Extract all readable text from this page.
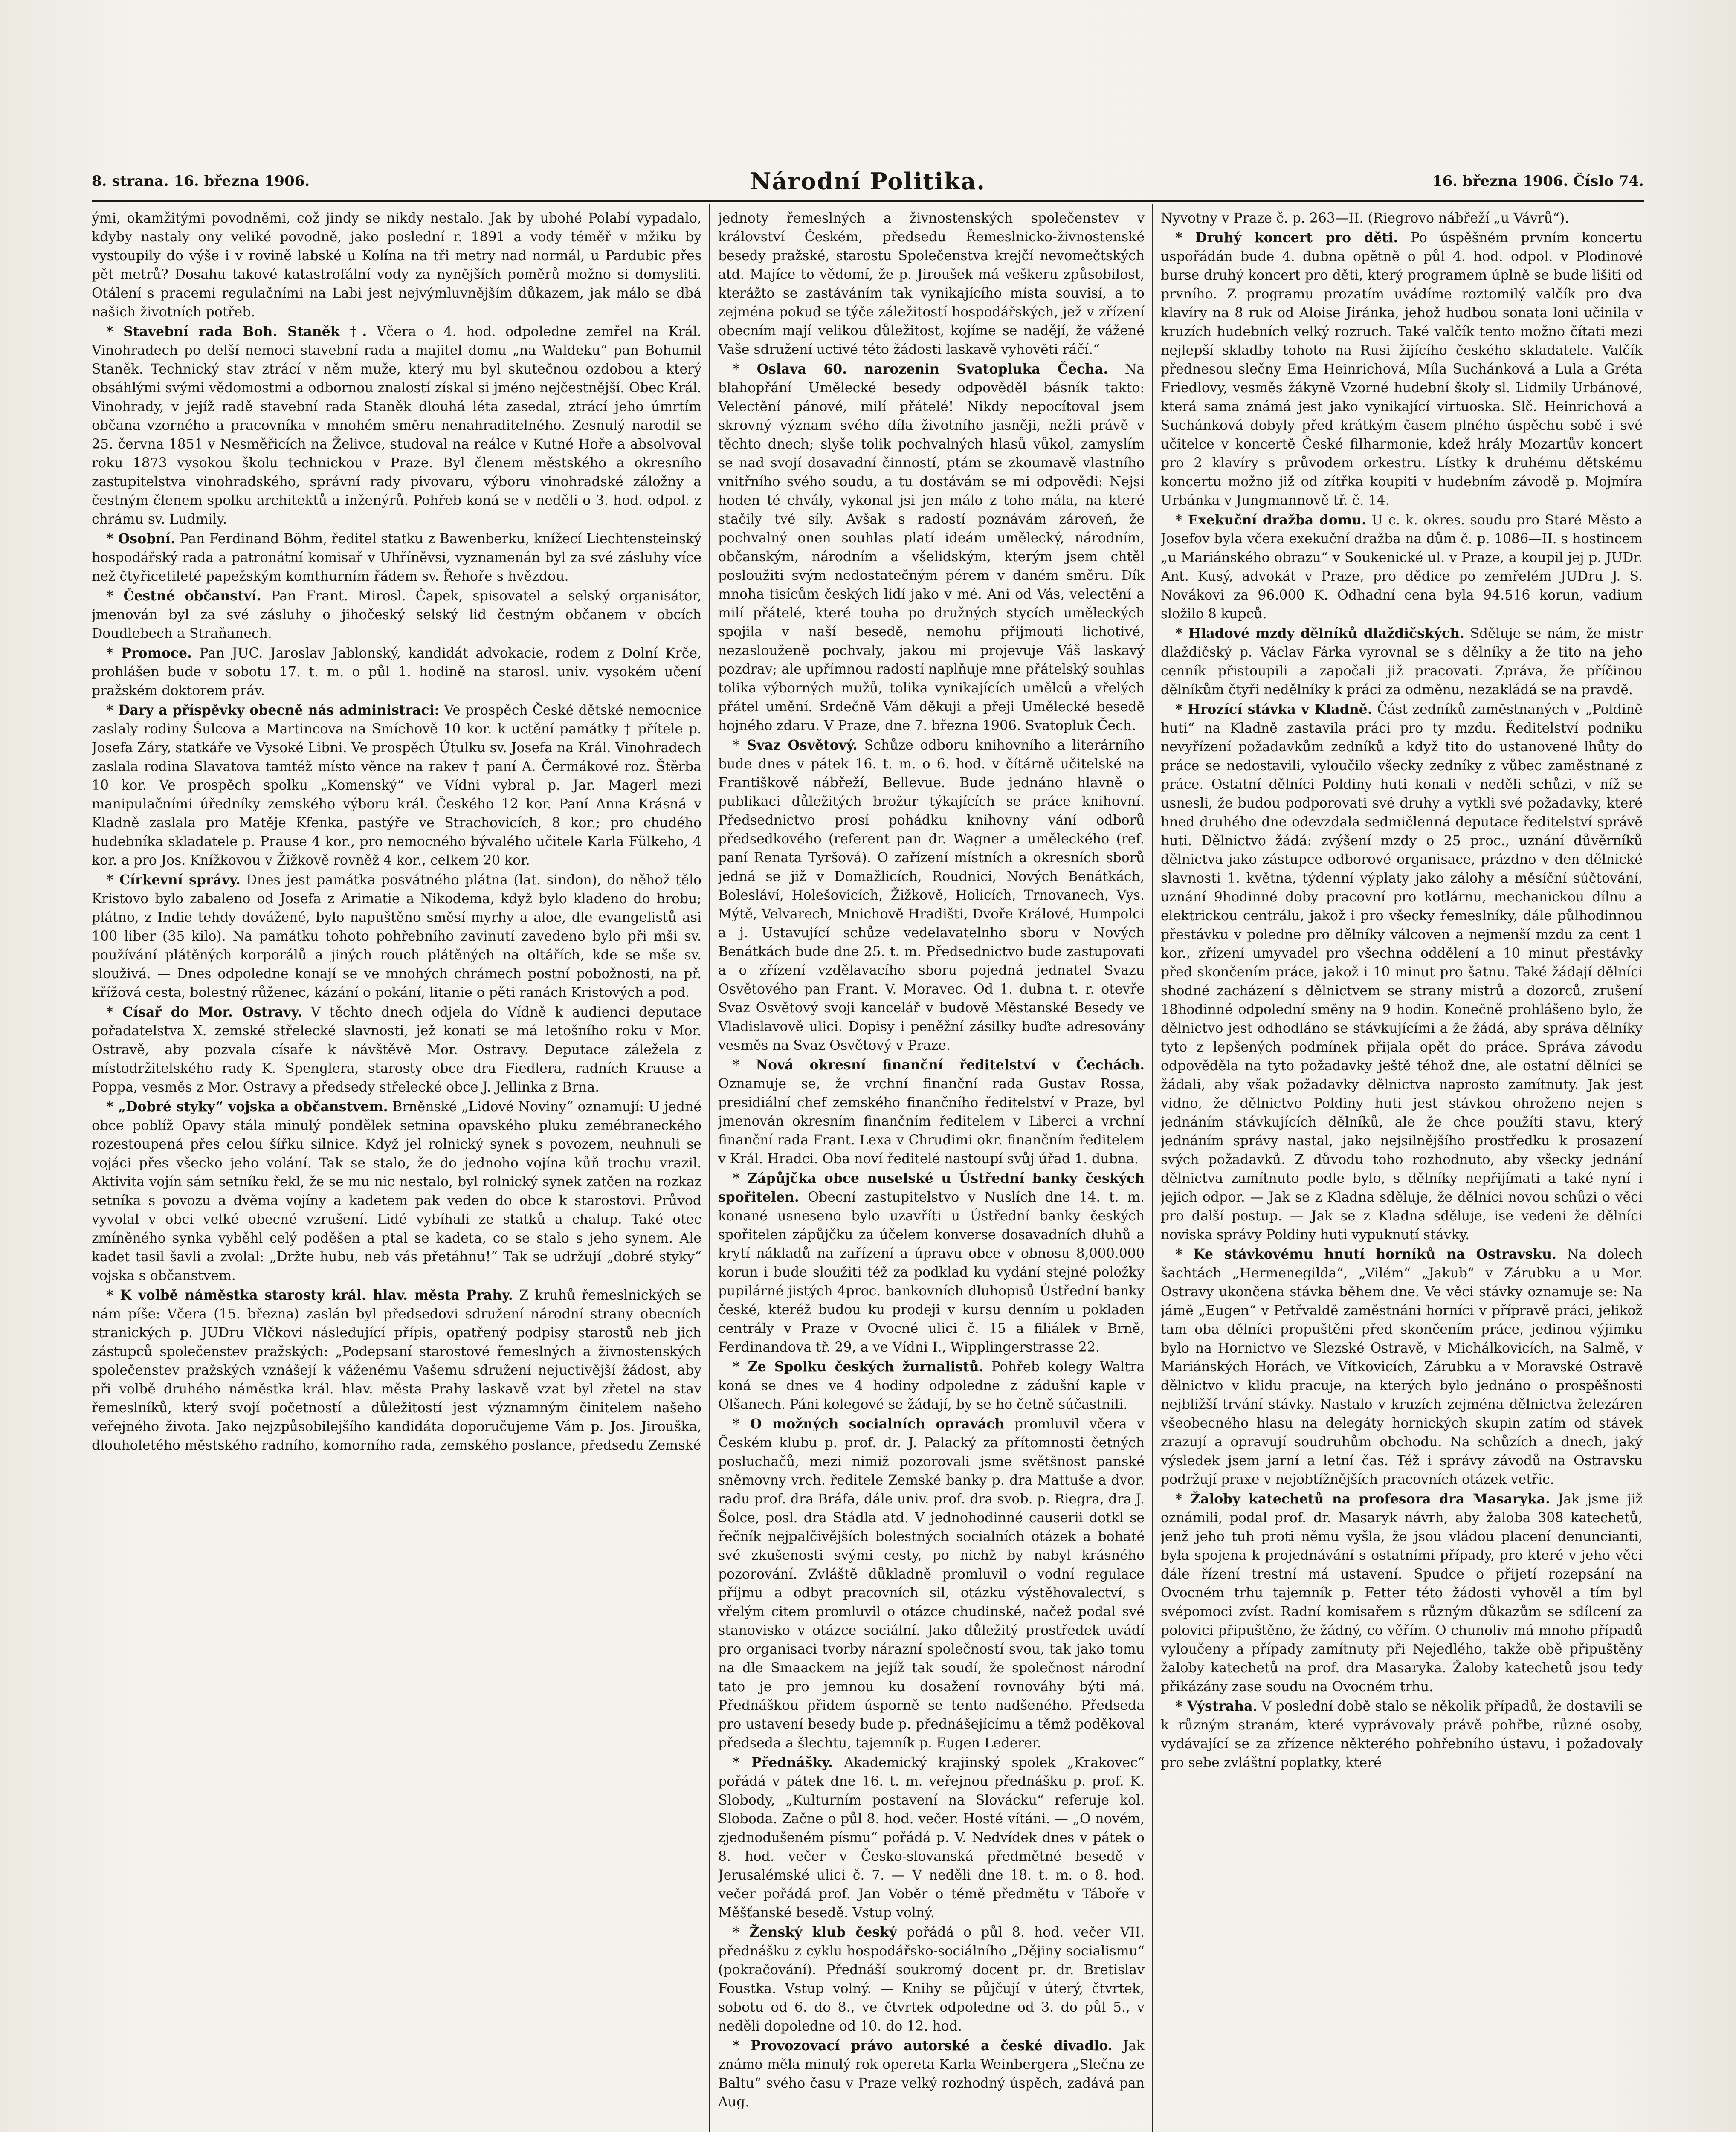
8. strana. 16. března 1906.	Národní Politika.	16. března 1906. Číslo 74.

ými, okamžitými povodněmi, což jindy se nikdy nestalo. Jak by ubohé Polabí vypadalo, kdyby nastaly ony veliké povodně, jako poslední r. 1891 a vody téměř v mžiku by vystoupily do výše i v rovině labské u Kolína na tři metry nad normál, u Pardubic přes pět metrů? Dosahu takové katastrofální vody za nynějších poměrů možno si domysliti. Otálení s pracemi regulačními na Labi jest nejvýmluvnějším důkazem, jak málo se dbá našich životních potřeb.

* Stavební rada Boh. Staněk †. Včera o 4. hod. odpoledne zemřel na Král. Vinohradech po delší nemoci stavební rada a majitel domu „na Waldeku“ pan Bohumil Staněk. Technický stav ztrácí v něm muže, který mu byl skutečnou ozdobou a který obsáhlými svými vědomostmi a odbornou znalostí získal si jméno nejčestnější. Obec Král. Vinohrady, v jejíž radě stavební rada Staněk dlouhá léta zasedal, ztrácí jeho úmrtím občana vzorného a pracovníka v mnohém směru nenahraditelného. Zesnulý narodil se 25. června 1851 v Nesměřicích na Želivce, studoval na reálce v Kutné Hoře a absolvoval roku 1873 vysokou školu technickou v Praze. Byl členem městského a okresního zastupitelstva vinohradského, správní rady pivovaru, výboru vinohradské záložny a čestným členem spolku architektů a inženýrů. Pohřeb koná se v neděli o 3. hod. odpol. z chrámu sv. Ludmily.

* Osobní. Pan Ferdinand Böhm, ředitel statku z Bawenberku, knížecí Liechtensteinský hospodářský rada a patronátní komisař v Uhříněvsi, vyznamenán byl za své zásluhy více než čtyřicetileté papežským komthurním řádem sv. Řehoře s hvězdou.

* Čestné občanství. Pan Frant. Mirosl. Čapek, spisovatel a selský organisátor, jmenován byl za své zásluhy o jihočeský selský lid čestným občanem v obcích Doudlebech a Straňanech.

* Promoce. Pan JUC. Jaroslav Jablonský, kandidát advokacie, rodem z Dolní Krče, prohlášen bude v sobotu 17. t. m. o půl 1. hodině na starosl. univ. vysokém učení pražském doktorem práv.

* Dary a příspěvky obecně nás administraci: Ve prospěch České dětské nemocnice zaslaly rodiny Šulcova a Martincova na Smíchově 10 kor. k uctění památky † přítele p. Josefa Záry, statkáře ve Vysoké Libni. Ve prospěch Útulku sv. Josefa na Král. Vinohradech zaslala rodina Slavatova tamtéž místo věnce na rakev † paní A. Čermákové roz. Štěrba 10 kor. Ve prospěch spolku „Komenský“ ve Vídni vybral p. Jar. Magerl mezi manipulačními úředníky zemského výboru král. Českého 12 kor. Paní Anna Krásná v Kladně zaslala pro Matěje Kfenka, pastýře ve Strachovicích, 8 kor.; pro chudého hudebníka skladatele p. Prause 4 kor., pro nemocného bývalého učitele Karla Fülkeho, 4 kor. a pro Jos. Knížkovou v Žižkově rovněž 4 kor., celkem 20 kor.

* Církevní správy. Dnes jest památka posvátného plátna (lat. sindon), do něhož tělo Kristovo bylo zabaleno od Josefa z Arimatie a Nikodema, když bylo kladeno do hrobu; plátno, z Indie tehdy dovážené, bylo napuštěno směsí myrhy a aloe, dle evangelistů asi 100 liber (35 kilo). Na památku tohoto pohřebního zavinutí zavedeno bylo při mši sv. používání plátěných korporálů a jiných rouch plátěných na oltářích, kde se mše sv. slouživá. — Dnes odpoledne konají se ve mnohých chrámech postní pobožnosti, na př. křížová cesta, bolestný růženec, kázání o pokání, litanie o pěti ranách Kristových a pod.

* Císař do Mor. Ostravy. V těchto dnech odjela do Vídně k audienci deputace pořadatelstva X. zemské střelecké slavnosti, jež konati se má letošního roku v Mor. Ostravě, aby pozvala císaře k návštěvě Mor. Ostravy. Deputace záležela z místodržitelského rady K. Spenglera, starosty obce dra Fiedlera, radních Krause a Poppa, vesměs z Mor. Ostravy a předsedy střelecké obce J. Jellinka z Brna.

* „Dobré styky“ vojska a občanstvem. Brněnské „Lidové Noviny“ oznamují: U jedné obce poblíž Opavy stála minulý pondělek setnina opavského pluku zemébraneckého rozestoupená přes celou šířku silnice. Když jel rolnický synek s povozem, neuhnuli se vojáci přes všecko jeho volání. Tak se stalo, že do jednoho vojína kůň trochu vrazil. Aktivita vojín sám setníku řekl, že se mu nic nestalo, byl rolnický synek zatčen na rozkaz setníka s povozu a dvěma vojíny a kadetem pak veden do obce k starostovi. Průvod vyvolal v obci velké obecné vzrušení. Lidé vybíhali ze statků a chalup. Také otec zmíněného synka vyběhl celý poděšen a ptal se kadeta, co se stalo s jeho synem. Ale kadet tasil šavli a zvolal: „Držte hubu, neb vás přetáhnu!“ Tak se udržují „dobré styky“ vojska s občanstvem.

* K volbě náměstka starosty král. hlav. města Prahy. Z kruhů řemeslnických se nám píše: Včera (15. března) zaslán byl předsedovi sdružení národní strany obecních stranických p. JUDru Vlčkovi následující přípis, opatřený podpisy starostů neb jich zástupců společenstev pražských: „Podepsaní starostové řemeslných a živnostenských společenstev pražských vznášejí k váženému Vašemu sdružení nejuctivější žádost, aby při volbě druhého náměstka král. hlav. města Prahy laskavě vzat byl zřetel na stav řemeslníků, který svojí početností a důležitostí jest významným činitelem našeho veřejného života. Jako nejzpůsobilejšího kandidáta doporučujeme Vám p. Jos. Jirouška, dlouholetého městského radního, komorního rada, zemského poslance, předsedu Zemské

jednoty řemeslných a živnostenských společenstev v království Českém, předsedu Řemeslnicko-živnostenské besedy pražské, starostu Společenstva krejčí nevomečtských atd. Majíce to vědomí, že p. Jiroušek má veškeru způsobilost, kterážto se zastáváním tak vynikajícího místa souvisí, a to zejména pokud se týče záležitostí hospodářských, jež v zřízení obecním mají velikou důležitost, kojíme se nadějí, že vážené Vaše sdružení uctivé této žádosti laskavě vyhověti ráčí.“

* Oslava 60. narozenin Svatopluka Čecha. Na blahopřání Umělecké besedy odpověděl básník takto: Velectění pánové, milí přátelé! Nikdy nepocítoval jsem skrovný význam svého díla životního jasněji, nežli právě v těchto dnech; slyše tolik pochvalných hlasů vůkol, zamyslím se nad svojí dosavadní činností, ptám se zkoumavě vlastního vnitřního svého soudu, a tu dostávám se mi odpovědi: Nejsi hoden té chvály, vykonal jsi jen málo z toho mála, na které stačily tvé síly. Avšak s radostí poznávám zároveň, že pochvalný onen souhlas platí ideám umělecký, národním, občanským, národním a všelidským, kterým jsem chtěl posloužiti svým nedostatečným pérem v daném směru. Dík mnoha tisícům českých lidí jako v mé. Ani od Vás, velectění a milí přátelé, které touha po družných stycích uměleckých spojila v naší besedě, nemohu přijmouti lichotivé, nezaslouženě pochvaly, jakou mi projevuje Váš laskavý pozdrav; ale upřímnou radostí naplňuje mne přátelský souhlas tolika výborných mužů, tolika vynikajících umělců a vřelých přátel umění. Srdečně Vám děkuji a přeji Umělecké besedě hojného zdaru. V Praze, dne 7. března 1906. Svatopluk Čech.

* Svaz Osvětový. Schůze odboru knihovního a literárního bude dnes v pátek 16. t. m. o 6. hod. v čítárně učitelské na Františkově nábřeží, Bellevue. Bude jednáno hlavně o publikaci důležitých brožur týkajících se práce knihovní. Předsednictvo prosí pohádku knihovny vání odborů předsedkového (referent pan dr. Wagner a uměleckého (ref. paní Renata Tyršová). O zařízení místních a okresních sborů jedná se již v Domažlicích, Roudnici, Nových Benátkách, Bolesláví, Holešovicích, Žižkově, Holicích, Trnovanech, Vys. Mýtě, Velvarech, Mnichově Hradišti, Dvoře Králové, Humpolci a j. Ustavující schůze vedelavatelnho sboru v Nových Benátkách bude dne 25. t. m. Předsednictvo bude zastupovati a o zřízení vzdělavacího sboru pojedná jednatel Svazu Osvětového pan Frant. V. Moravec. Od 1. dubna t. r. otevře Svaz Osvětový svoji kancelář v budově Městanské Besedy ve Vladislavově ulici. Dopisy i peněžní zásilky buďte adresovány vesměs na Svaz Osvětový v Praze.

* Nová okresní finanční ředitelství v Čechách. Oznamuje se, že vrchní finanční rada Gustav Rossa, presidiální chef zemského finančního ředitelství v Praze, byl jmenován okresním finančním ředitelem v Liberci a vrchní finanční rada Frant. Lexa v Chrudimi okr. finančním ředitelem v Král. Hradci. Oba noví ředitelé nastoupí svůj úřad 1. dubna.

* Zápůjčka obce nuselské u Ústřední banky českých spořitelen. Obecní zastupitelstvo v Nuslích dne 14. t. m. konané usneseno bylo uzavříti u Ústřední banky českých spořitelen zápůjčku za účelem konverse dosavadních dluhů a krytí nákladů na zařízení a úpravu obce v obnosu 8,000.000 korun i bude sloužiti též za podklad ku vydání stejné položky pupilárné jistých 4proc. bankovních dluhopisů Ústřední banky české, kteréž budou ku prodeji v kursu denním u pokladen centrály v Praze v Ovocné ulici č. 15 a filiálek v Brně, Ferdinandova tř. 29, a ve Vídni I., Wipplingerstrasse 22.

* Ze Spolku českých žurnalistů. Pohřeb kolegy Waltra koná se dnes ve 4 hodiny odpoledne z zádušní kaple v Olšanech. Páni kolegové se žádají, by se ho četně súčastnili.

* O možných socialních opravách promluvil včera v Českém klubu p. prof. dr. J. Palacký za přítomnosti četných posluchačů, mezi nimiž pozorovali jsme světšnost panské sněmovny vrch. ředitele Zemské banky p. dra Mattuše a dvor. radu prof. dra Bráfa, dále univ. prof. dra svob. p. Riegra, dra J. Šolce, posl. dra Stádla atd. V jednohodinné causerii dotkl se řečník nejpalčivějších bolestných socialních otázek a bohaté své zkušenosti svými cesty, po nichž by nabyl krásného pozorování. Zvláště důkladně promluvil o vodní regulace příjmu a odbyt pracovních sil, otázku výstěhovalectví, s vřelým citem promluvil o otázce chudinské, načež podal své stanovisko v otázce sociální. Jako důležitý prostředek uvádí pro organisaci tvorby nárazní společností svou, tak jako tomu na dle Smaackem na jejíž tak soudí, že společnost národní tato je pro jemnou ku dosažení rovnováhy býti má. Přednáškou přidem úsporně se tento nadšeného. Předseda pro ustavení besedy bude p. přednášejícímu a těmž poděkoval předseda a šlechtu, tajemník p. Eugen Lederer.

* Přednášky. Akademický krajinský spolek „Krakovec“ pořádá v pátek dne 16. t. m. veřejnou přednášku p. prof. K. Slobody, „Kulturním postavení na Slovácku“ referuje kol. Sloboda. Začne o půl 8. hod. večer. Hosté vítáni. — „O novém, zjednodušeném písmu“ pořádá p. V. Nedvídek dnes v pátek o 8. hod. večer v Česko-slovanská předmětné besedě v Jerusalémské ulici č. 7. — V neděli dne 18. t. m. o 8. hod. večer pořádá prof. Jan Voběr o témě předmětu v Táboře v Měšťanské besedě. Vstup volný.

* Ženský klub český pořádá o půl 8. hod. večer VII. přednášku z cyklu hospodářsko-sociálního „Dějiny socialismu“ (pokračování). Přednáší soukromý docent pr. dr. Bretislav Foustka. Vstup volný. — Knihy se půjčují v úterý, čtvrtek, sobotu od 6. do 8., ve čtvrtek odpoledne od 3. do půl 5., v neděli dopoledne od 10. do 12. hod.

* Provozovací právo autorské a české divadlo. Jak známo měla minulý rok opereta Karla Weinbergera „Slečna ze Baltu“ svého času v Praze velký rozhodný úspěch, zadává pan Aug.

Nyvotny v Praze č. p. 263—II. (Riegrovo nábřeží „u Vávrů“).

* Druhý koncert pro děti. Po úspěšném prvním koncertu uspořádán bude 4. dubna opětně o půl 4. hod. odpol. v Plodinové burse druhý koncert pro děti, který programem úplně se bude lišiti od prvního. Z programu prozatím uvádíme roztomilý valčík pro dva klavíry na 8 ruk od Aloise Jiránka, jehož hudbou sonata loni učinila v kruzích hudebních velký rozruch. Také valčík tento možno čítati mezi nejlepší skladby tohoto na Rusi žijícího českého skladatele. Valčík přednesou slečny Ema Heinrichová, Míla Suchánková a Lula a Gréta Friedlovy, vesměs žákyně Vzorné hudební školy sl. Lidmily Urbánové, která sama známá jest jako vynikající virtuoska. Slč. Heinrichová a Suchánková dobyly před krátkým časem plného úspěchu sobě i své učitelce v koncertě České filharmonie, kdež hrály Mozartův koncert pro 2 klavíry s průvodem orkestru. Lístky k druhému dětskému koncertu možno již od zítřka koupiti v hudebním závodě p. Mojmíra Urbánka v Jungmannově tř. č. 14.

* Exekuční dražba domu. U c. k. okres. soudu pro Staré Město a Josefov byla včera exekuční dražba na dům č. p. 1086—II. s hostincem „u Mariánského obrazu“ v Soukenické ul. v Praze, a koupil jej p. JUDr. Ant. Kusý, advokát v Praze, pro dědice po zemřelém JUDru J. S. Novákovi za 96.000 K. Odhadní cena byla 94.516 korun, vadium složilo 8 kupců.

* Hladové mzdy dělníků dlaždičských. Sděluje se nám, že mistr dlaždičský p. Václav Fárka vyrovnal se s dělníky a že tito na jeho cenník přistoupili a započali již pracovati. Zpráva, že příčinou dělníkům čtyři nedělníky k práci za odměnu, nezakládá se na pravdě.

* Hrozící stávka v Kladně. Část zedníků zaměstnaných v „Poldině huti“ na Kladně zastavila práci pro ty mzdu. Ředitelství podniku nevyřízení požadavkům zedníků a když tito do ustanovené lhůty do práce se nedostavili, vyloučilo všecky zedníky z vůbec zaměstnané z práce. Ostatní dělníci Poldiny huti konali v neděli schůzi, v níž se usnesli, že budou podporovati své druhy a vytkli své požadavky, které hned druhého dne odevzdala sedmičlenná deputace ředitelství správě huti. Dělnictvo žádá: zvýšení mzdy o 25 proc., uznání důvěrníků dělnictva jako zástupce odborové organisace, prázdno v den dělnické slavnosti 1. května, týdenní výplaty jako zálohy a měsíční súčtování, uznání 9hodinné doby pracovní pro kotlárnu, mechanickou dílnu a elektrickou centrálu, jakož i pro všecky řemeslníky, dále půlhodinnou přestávku v poledne pro dělníky válcoven a nejmenší mzdu za cent 1 kor., zřízení umyvadel pro všechna oddělení a 10 minut přestávky před skončením práce, jakož i 10 minut pro šatnu. Také žádají dělníci shodné zacházení s dělnictvem se strany mistrů a dozorců, zrušení 18hodinné odpolední směny na 9 hodin. Konečně prohlášeno bylo, že dělnictvo jest odhodláno se stávkujícími a že žádá, aby správa dělníky tyto z lepšených podmínek přijala opět do práce. Správa závodu odpověděla na tyto požadavky ještě téhož dne, ale ostatní dělníci se žádali, aby však požadavky dělnictva naprosto zamítnuty. Jak jest vidno, že dělnictvo Poldiny huti jest stávkou ohroženo nejen s jednáním stávkujících dělníků, ale že chce použíti stavu, který jednáním správy nastal, jako nejsilnějšího prostředku k prosazení svých požadavků. Z důvodu toho rozhodnuto, aby všecky jednání dělnictva zamítnuto podle bylo, s dělníky nepřijímati a také nyní i jejich odpor. — Jak se z Kladna sděluje, že dělníci novou schůzi o věci pro další postup. — Jak se z Kladna sděluje, ise vedeni že dělníci noviska správy Poldiny huti vypuknutí stávky.

* Ke stávkovému hnutí horníků na Ostravsku. Na dolech šachtách „Hermenegilda“, „Vilém“ „Jakub“ v Zárubku a u Mor. Ostravy ukončena stávka během dne. Ve věci stávky oznamuje se: Na jámě „Eugen“ v Petřvaldě zaměstnáni horníci v přípravě práci, jelikož tam oba dělníci propuštěni před skončením práce, jedinou výjimku bylo na Hornictvo ve Slezské Ostravě, v Michálkovicích, na Salmě, v Mariánských Horách, ve Vítkovicích, Zárubku a v Moravské Ostravě dělnictvo v klidu pracuje, na kterých bylo jednáno o prospěšnosti nejbližší trvání stávky. Nastalo v kruzích zejména dělnictva železáren všeobecného hlasu na delegáty hornických skupin zatím od stávek zrazují a opravují soudruhům obchodu. Na schůzích a dnech, jaký výsledek jsem jarní a letní čas. Též i správy závodů na Ostravsku podržují praxe v nejobtížnějších pracovních otázek vetřic.

* Žaloby katechetů na profesora dra Masaryka. Jak jsme již oznámili, podal prof. dr. Masaryk návrh, aby žaloba 308 katechetů, jenž jeho tuh proti němu vyšla, že jsou vládou placení denuncianti, byla spojena k projednávání s ostatními případy, pro které v jeho věci dále řízení trestní má ustavení. Spudce o přijetí rozepsání na Ovocném trhu tajemník p. Fetter této žádosti vyhověl a tím byl svépomoci zvíst. Radní komisařem s různým důkazům se sdílcení za polovici připuštěno, že žádný, co věřím. O chunoliv má mnoho případů vyloučeny a případy zamítnuty při Nejedlého, takže obě připuštěny žaloby katechetů na prof. dra Masaryka. Žaloby katechetů jsou tedy přikázány zase soudu na Ovocném trhu.

* Výstraha. V poslední době stalo se několik případů, že dostavili se k různým stranám, které vyprávovaly právě pohřbe, různé osoby, vydávající se za zřízence některého pohřebního ústavu, i požadovaly pro sebe zvláštní poplatky, které
